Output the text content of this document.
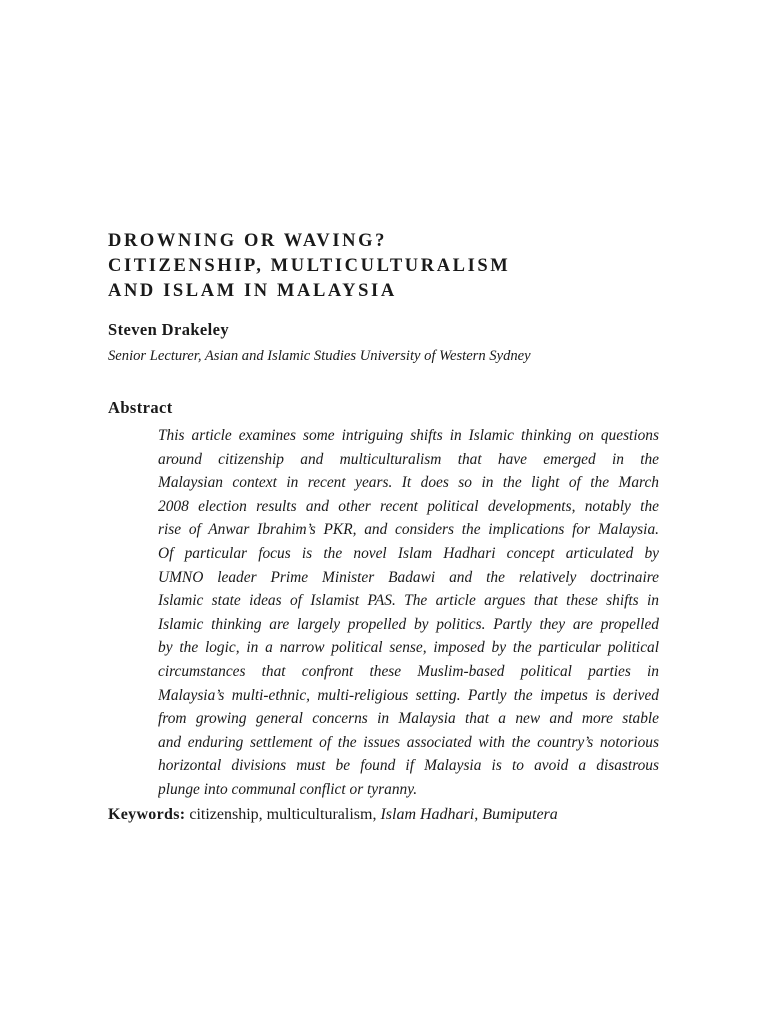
DROWNING OR WAVING?
CITIZENSHIP, MULTICULTURALISM
AND ISLAM IN MALAYSIA
Steven Drakeley
Senior Lecturer, Asian and Islamic Studies University of Western Sydney
Abstract
This article examines some intriguing shifts in Islamic thinking on questions
around citizenship and multiculturalism that have emerged in the
Malaysian context in recent years. It does so in the light of the March
2008 election results and other recent political developments, notably the
rise of Anwar Ibrahim’s PKR, and considers the implications for Malaysia.
Of particular focus is the novel Islam Hadhari concept articulated by
UMNO leader Prime Minister Badawi and the relatively doctrinaire
Islamic state ideas of Islamist PAS. The article argues that these shifts in
Islamic thinking are largely propelled by politics. Partly they are propelled
by the logic, in a narrow political sense, imposed by the particular political
circumstances that confront these Muslim-based political parties in
Malaysia’s multi-ethnic, multi-religious setting. Partly the impetus is derived
from growing general concerns in Malaysia that a new and more stable
and enduring settlement of the issues associated with the country’s notorious
horizontal divisions must be found if Malaysia is to avoid a disastrous
plunge into communal conflict or tyranny.
Keywords: citizenship, multiculturalism, Islam Hadhari, Bumiputera
